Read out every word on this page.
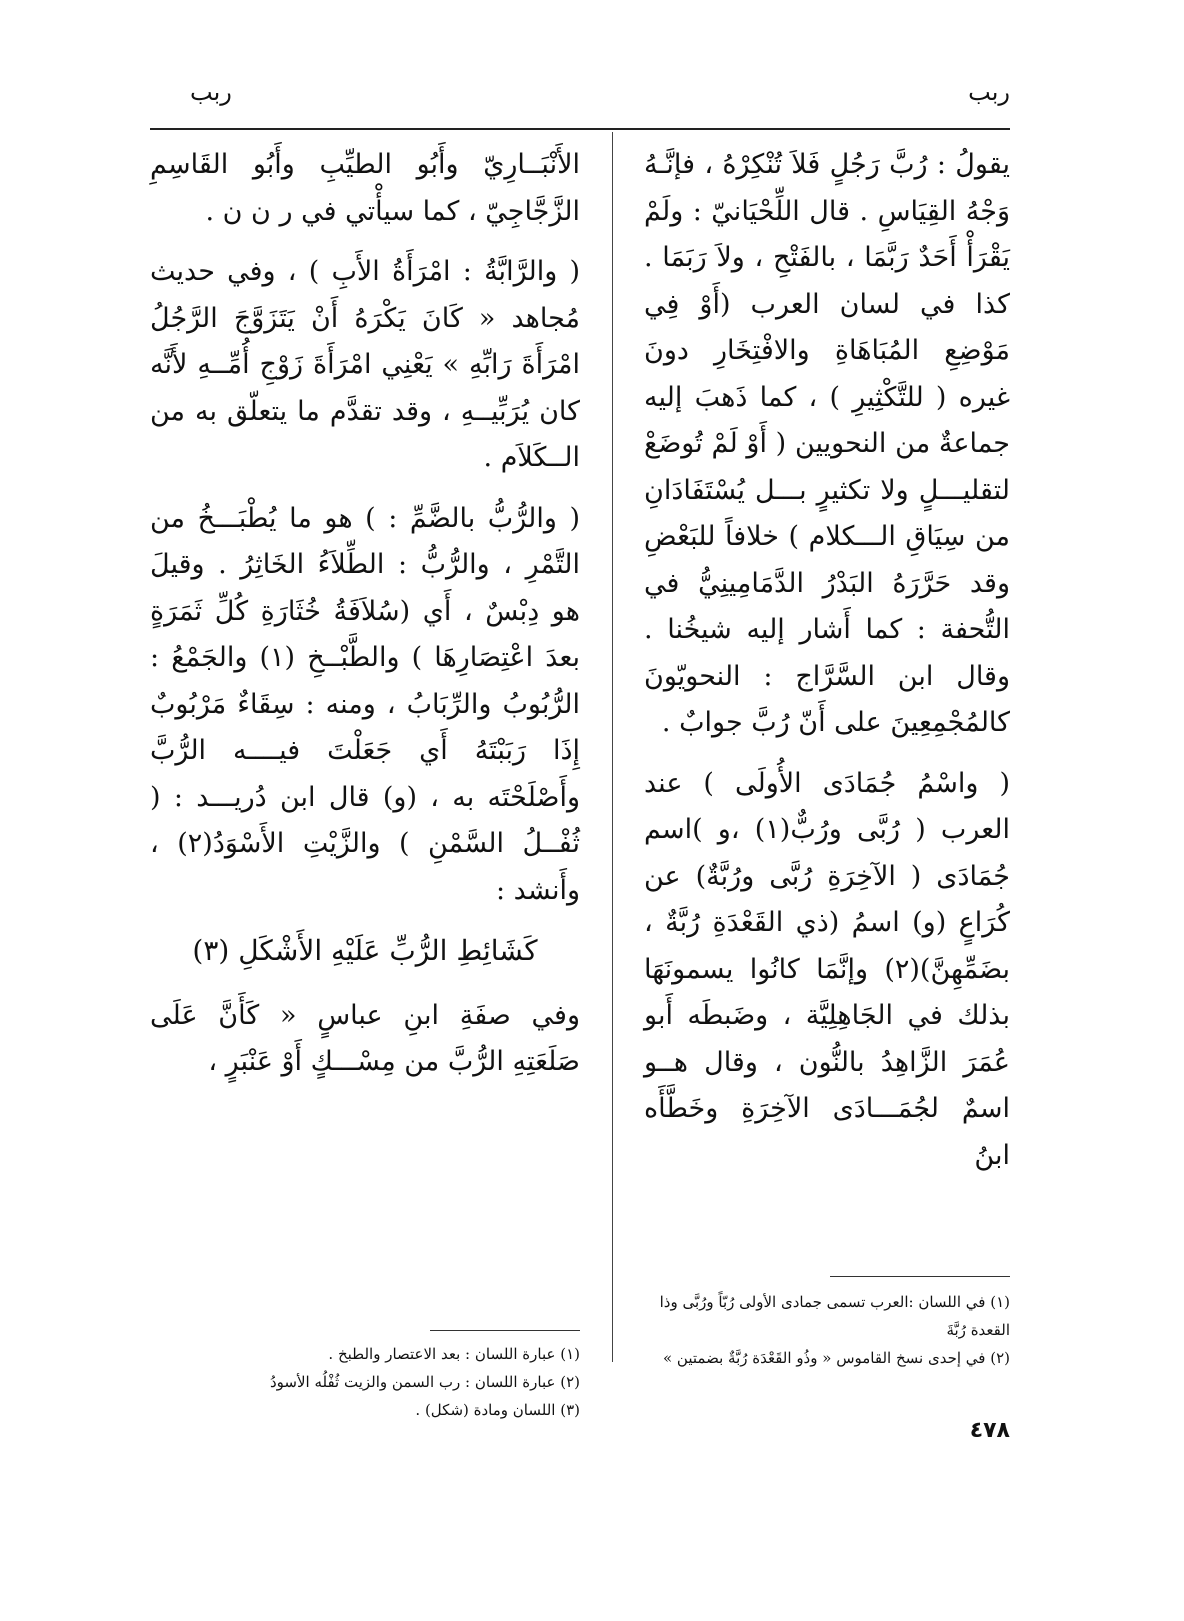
ربب	ربب

يقولُ : رُبَّ رَجُلٍ فَلاَ تُنْكِرْهُ ، فإنَّـهُ وَجْهُ القِيَاسِ . قال اللِّحْيَانيّ : ولَمْ يَقْرَأْ أَحَدٌ رَبَّمَا ، بالفَتْحِ ، ولاَ رَبَمَا . كذا في لسان العرب (أَوْ فِي مَوْضِعِ المُبَاهَاةِ والافْتِخَارِ دونَ غيره ( للتَّكْثِيرِ ) ، كما ذَهبَ إليه جماعةٌ من النحويين ( أَوْ لَمْ تُوضَعْ لتقليـــلٍ ولا تكثيرٍ بـــل يُسْتَفَادَانِ من سِيَاقِ الـــكلام ) خلافاً للبَعْضِ وقد حَرَّرَهُ البَدْرُ الدَّمَامِينِيُّ في التُّحفة : كما أَشار إليه شيخُنا . وقال ابن السَّرَّاج : النحويّونَ كالمُجْمِعِينَ على أَنّ رُبَّ جوابٌ .

( واسْمُ جُمَادَى الأُولَى ) عند العرب ( رُبَّى ورُبٌّ(١) ،و )اسم جُمَادَى ( الآخِرَةِ رُبَّى ورُبَّةٌ) عن كُرَاعٍ (و) اسمُ (ذي القَعْدَةِ رُبَّةٌ ، بضَمِّهِنَّ)(٢) وإنَّمَا كانُوا يسمونَهَا بذلك في الجَاهِلِيَّة ، وضَبطَه أَبو عُمَرَ الزَّاهِدُ بالنُّون ، وقال هــو اسمٌ لجُمَـــادَى الآخِرَةِ وخَطَّأَه ابنُ

الأَنْبَــارِيّ وأَبُو الطيِّبِ وأَبُو القَاسِمِ الزَّجَّاجِيّ ، كما سيأْتي في ر ن ن .

( والرَّابَّةُ : امْرَأَةُ الأَبِ ) ، وفي حديث مُجاهد « كَانَ يَكْرَهُ أَنْ يَتَزَوَّجَ الرَّجُلُ امْرَأَةَ رَابِّهِ » يَعْنِي امْرَأَةَ زَوْجِ أُمِّــهِ لأَنَّه كان يُرَبِّيــهِ ، وقد تقدَّم ما يتعلّق به من الــكَلاَم .

( والرُّبُّ بالضَّمِّ : ) هو ما يُطْبَـــخُ من التَّمْرِ ، والرُّبُّ : الطِّلاَءُ الخَاثِرُ . وقيلَ هو دِبْسٌ ، أَي (سُلاَفَةُ خُثَارَةِ كُلِّ ثَمَرَةٍ بعدَ اعْتِصَارِهَا ) والطَّبْــخِ (١) والجَمْعُ : الرُّبُوبُ والرِّبَابُ ، ومنه : سِقَاءٌ مَرْبُوبٌ إِذَا رَبَبْتَهُ أَي جَعَلْتَ فيــــه الرُّبَّ وأَصْلَحْتَه به ، (و) قال ابن دُريـــد : ( ثُفْــلُ السَّمْنِ ) والزَّيْتِ الأَسْوَدُ(٢) ، وأَنشد :

كَشَائِطِ الرُّبِّ عَلَيْهِ الأَشْكَلِ (٣)

وفي صفَةِ ابنِ عباسٍ « كَأَنَّ عَلَى صَلَعَتِهِ الرُّبَّ من مِسْـــكٍ أَوْ عَنْبَرٍ ،

(١) في اللسان :العرب تسمى جمادى الأولى رُبّاً ورُبَّى وذا القعدة رُبَّةَ

(٢) في إحدى نسخ القاموس « وذُو القَعْدَة رُبَّةٌ بضمتين »

(١) عبارة اللسان : بعد الاعتصار والطبخ .

(٢) عبارة اللسان : رب السمن والزيت ثُفْلُه الأسودُ

(٣) اللسان ومادة (شكل) .

٤٧٨
